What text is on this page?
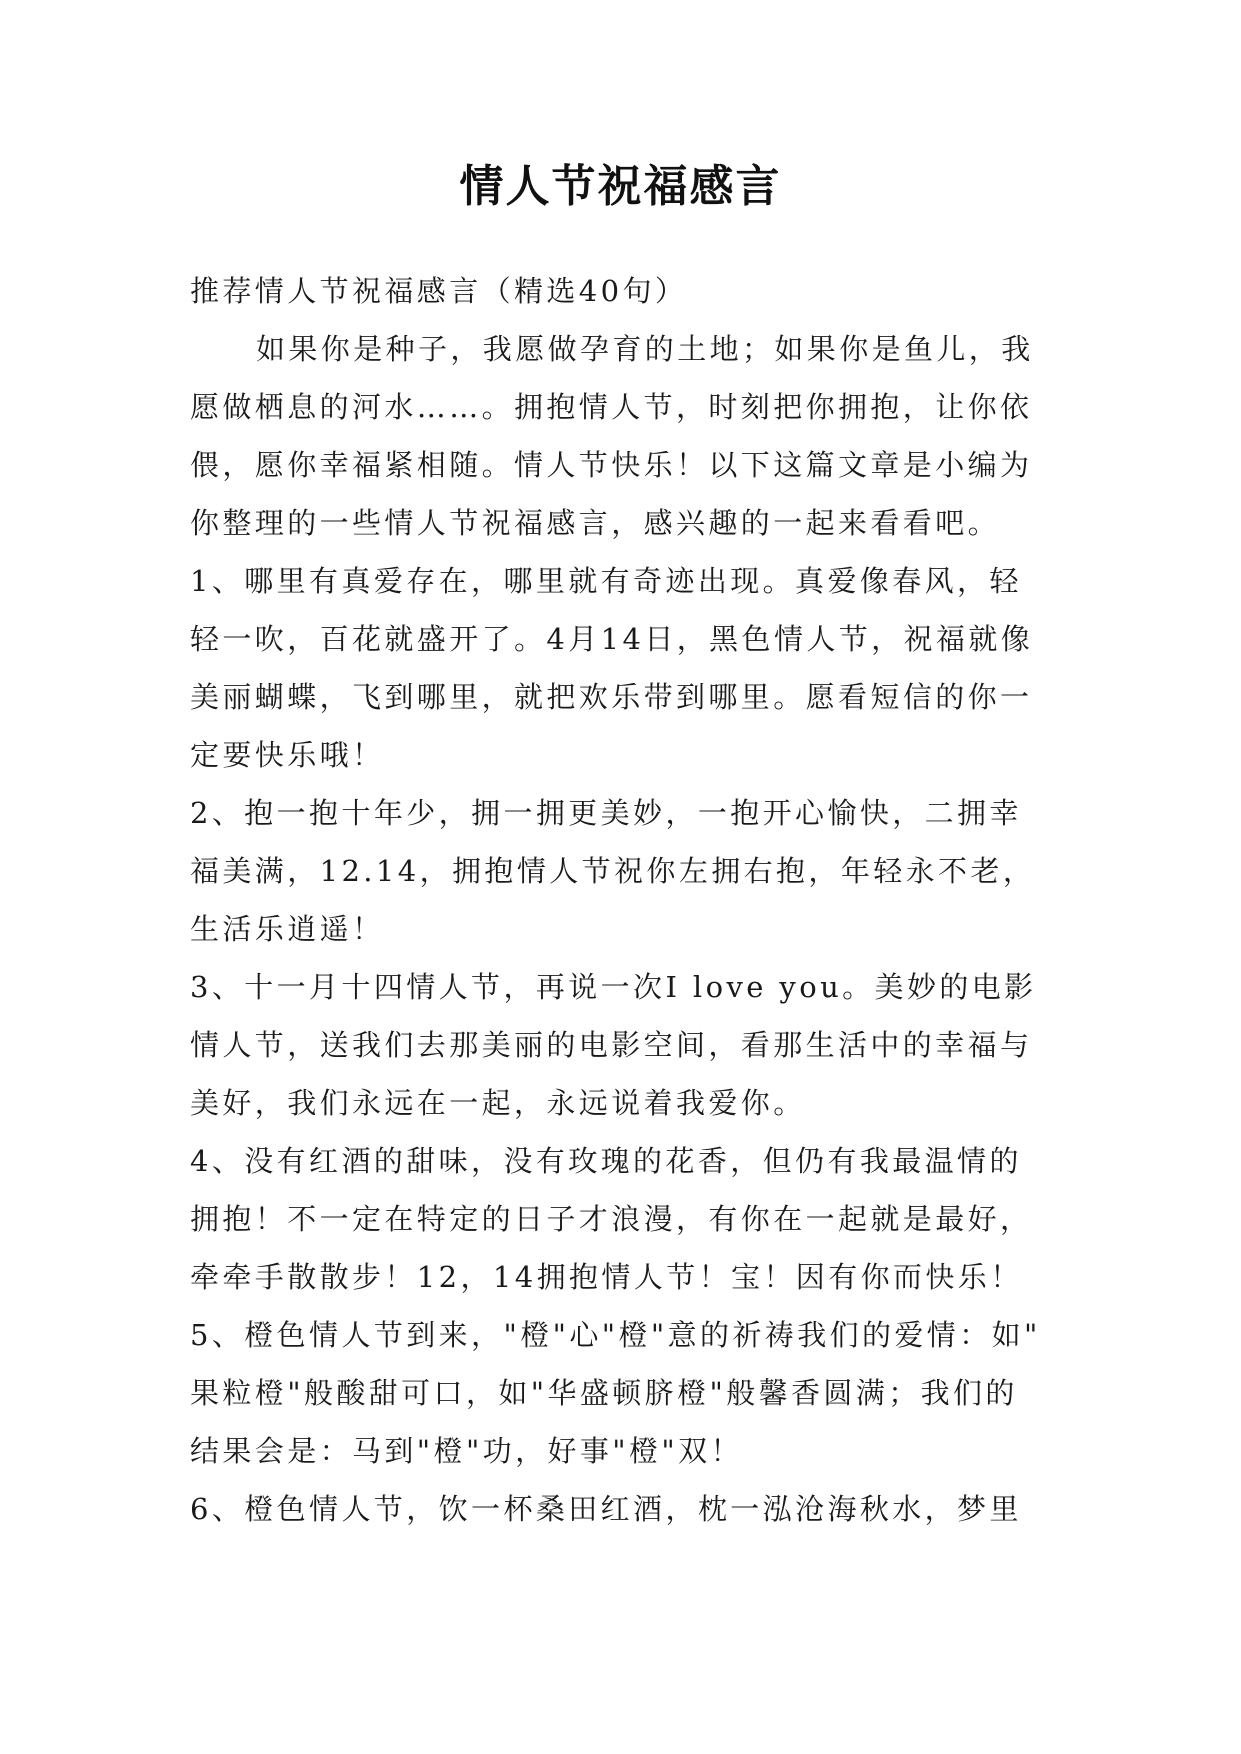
情人节祝福感言
推荐情人节祝福感言（精选40句）
如果你是种子，我愿做孕育的土地；如果你是鱼儿，我
愿做栖息的河水……。拥抱情人节，时刻把你拥抱，让你依
偎，愿你幸福紧相随。情人节快乐！以下这篇文章是小编为
你整理的一些情人节祝福感言，感兴趣的一起来看看吧。
1、哪里有真爱存在，哪里就有奇迹出现。真爱像春风，轻
轻一吹，百花就盛开了。4月14日，黑色情人节，祝福就像
美丽蝴蝶，飞到哪里，就把欢乐带到哪里。愿看短信的你一
定要快乐哦！
2、抱一抱十年少，拥一拥更美妙，一抱开心愉快，二拥幸
福美满，12.14，拥抱情人节祝你左拥右抱，年轻永不老，
生活乐逍遥！
3、十一月十四情人节，再说一次I love you。美妙的电影
情人节，送我们去那美丽的电影空间，看那生活中的幸福与
美好，我们永远在一起，永远说着我爱你。
4、没有红酒的甜味，没有玫瑰的花香，但仍有我最温情的
拥抱！不一定在特定的日子才浪漫，有你在一起就是最好，
牵牵手散散步！12，14拥抱情人节！宝！因有你而快乐！
5、橙色情人节到来，"橙"心"橙"意的祈祷我们的爱情：如"
果粒橙"般酸甜可口，如"华盛顿脐橙"般馨香圆满；我们的
结果会是：马到"橙"功，好事"橙"双！
6、橙色情人节，饮一杯桑田红酒，枕一泓沧海秋水，梦里
